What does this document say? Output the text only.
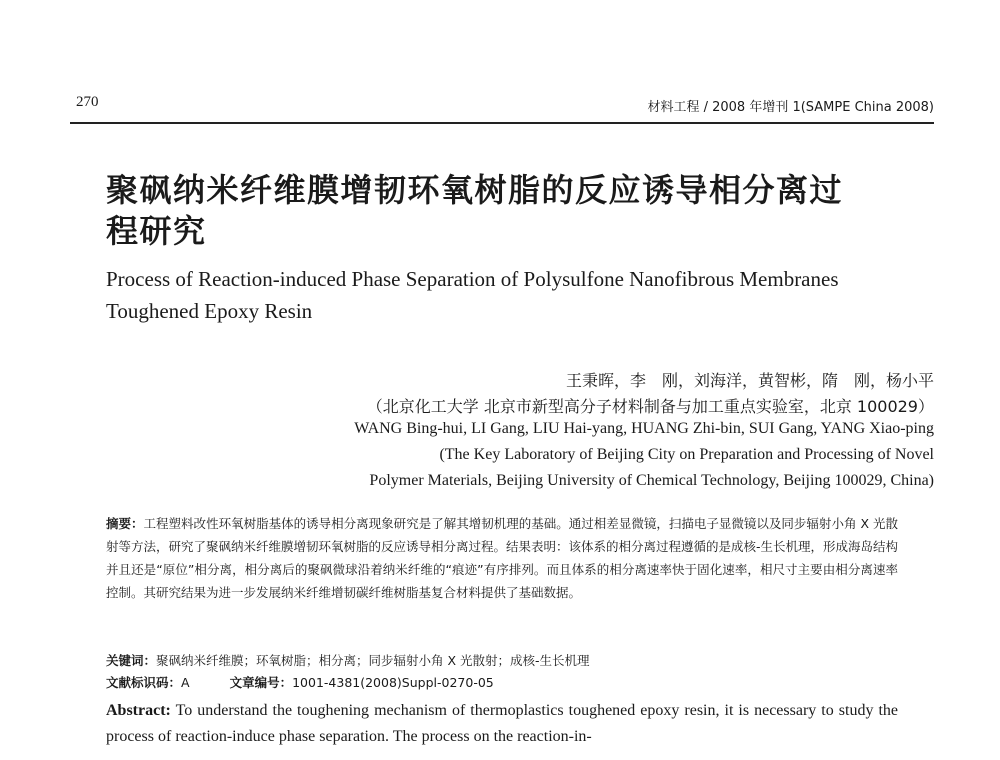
270	材料工程 / 2008 年增刊 1(SAMPE China 2008)
聚砜纳米纤维膜增韧环氧树脂的反应诱导相分离过程研究
Process of Reaction-induced Phase Separation of Polysulfone Nanofibrous Membranes Toughened Epoxy Resin
王秉晖，李　刚，刘海洋，黄智彬，隋　刚，杨小平
（北京化工大学 北京市新型高分子材料制备与加工重点实验室，北京 100029）
WANG Bing-hui, LI Gang, LIU Hai-yang, HUANG Zhi-bin, SUI Gang, YANG Xiao-ping
(The Key Laboratory of Beijing City on Preparation and Processing of Novel
Polymer Materials, Beijing University of Chemical Technology, Beijing 100029, China)
摘要：工程塑料改性环氧树脂基体的诱导相分离现象研究是了解其增韧机理的基础。通过相差显微镜，扫描电子显微镜以及同步辐射小角 X 光散射等方法，研究了聚砜纳米纤维膜增韧环氧树脂的反应诱导相分离过程。结果表明：该体系的相分离过程遵循的是成核-生长机理，形成海岛结构并且还是“原位”相分离，相分离后的聚砜微球沿着纳米纤维的“痕迹”有序排列。而且体系的相分离速率快于固化速率，相尺寸主要由相分离速率控制。其研究结果为进一步发展纳米纤维增韧碳纤维树脂基复合材料提供了基础数据。
关键词：聚砜纳米纤维膜；环氧树脂；相分离；同步辐射小角 X 光散射；成核-生长机理
文献标识码：A	文章编号：1001-4381(2008)Suppl-0270-05
Abstract: To understand the toughening mechanism of thermoplastics toughened epoxy resin, it is necessary to study the process of reaction-induce phase separation. The process on the reaction-in-
